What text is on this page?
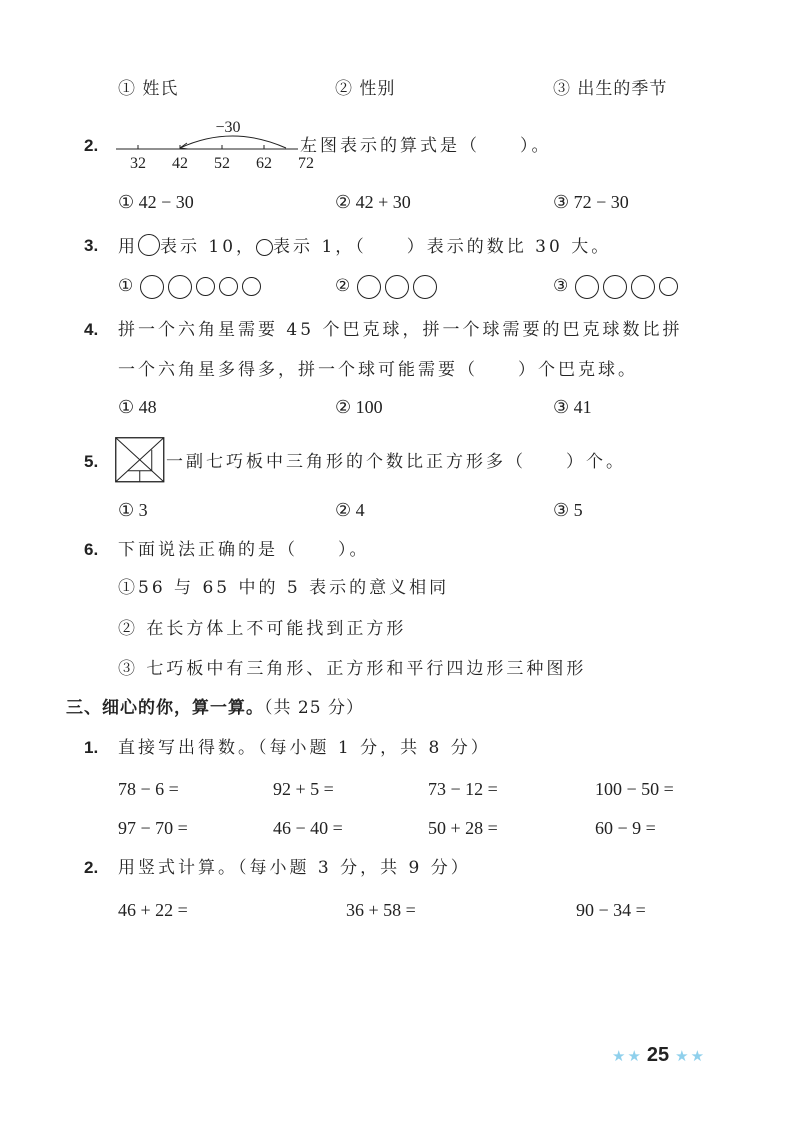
① 姓氏	② 性别	③ 出生的季节
2.
−30
32 42 52 62 72
左图表示的算式是（　　）。
① 42 − 30	② 42 + 30	③ 72 − 30
3. 用 表示 10， 表示 1，（　　）表示的数比 30 大。
①	②	③
4. 拼一个六角星需要 45 个巴克球，拼一个球需要的巴克球数比拼
一个六角星多得多，拼一个球可能需要（　　）个巴克球。
① 48	② 100	③ 41
5.	一副七巧板中三角形的个数比正方形多（　　）个。
① 3	② 4	③ 5
6. 下面说法正确的是（　　）。
①56 与 65 中的 5 表示的意义相同
② 在长方体上不可能找到正方形
③ 七巧板中有三角形、正方形和平行四边形三种图形
三、细心的你，算一算。（共 25 分）
1. 直接写出得数。（每小题 1 分，共 8 分）
78 − 6 =	92 + 5 =	73 − 12 =	100 − 50 =
97 − 70 =	46 − 40 =	50 + 28 =	60 − 9 =
2. 用竖式计算。（每小题 3 分，共 9 分）
46 + 22 =	36 + 58 =	90 − 34 =
★ ★ 25 ★ ★
